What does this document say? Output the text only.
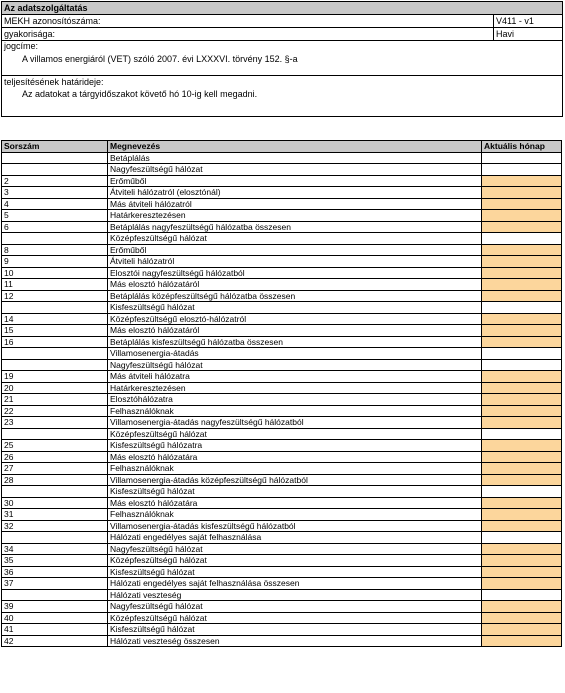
Az adatszolgáltatás
MEKH azonosítószáma:	V411 - v1
gyakorisága:	Havi
jogcíme:
A villamos energiáról (VET) szóló 2007. évi LXXXVI. törvény 152. §-a
teljesítésének határideje:
Az adatokat a tárgyidőszakot követő hó 10-ig kell megadni.
Sorszám	Megnevezés	Aktuális hónap
	Betáplálás	
	Nagyfeszültségű hálózat	
2	Erőműből	
3	Átviteli hálózatról (elosztónál)	
4	Más átviteli hálózatról	
5	Határkeresztezésen	
6	Betáplálás nagyfeszültségű hálózatba összesen	
	Középfeszültségű hálózat	
8	Erőműből	
9	Átviteli hálózatról	
10	Elosztói nagyfeszültségű hálózatból	
11	Más elosztó hálózatáról	
12	Betáplálás középfeszültségű hálózatba összesen	
	Kisfeszültségű hálózat	
14	Középfeszültségű elosztó-hálózatról	
15	Más elosztó hálózatáról	
16	Betáplálás kisfeszültségű hálózatba összesen	
	Villamosenergia-átadás	
	Nagyfeszültségű hálózat	
19	Más átviteli hálózatra	
20	Határkeresztezésen	
21	Elosztóhálózatra	
22	Felhasználóknak	
23	Villamosenergia-átadás nagyfeszültségű hálózatból	
	Középfeszültségű hálózat	
25	Kisfeszültségű hálózatra	
26	Más elosztó hálózatára	
27	Felhasználóknak	
28	Villamosenergia-átadás középfeszültségű hálózatból	
	Kisfeszültségű hálózat	
30	Más elosztó hálózatára	
31	Felhasználóknak	
32	Villamosenergia-átadás kisfeszültségű hálózatból	
	Hálózati engedélyes saját felhasználása	
34	Nagyfeszültségű hálózat	
35	Középfeszültségű hálózat	
36	Kisfeszültségű hálózat	
37	Hálózati engedélyes saját felhasználása összesen	
	Hálózati veszteség	
39	Nagyfeszültségű hálózat	
40	Középfeszültségű hálózat	
41	Kisfeszültségű hálózat	
42	Hálózati veszteség összesen	
